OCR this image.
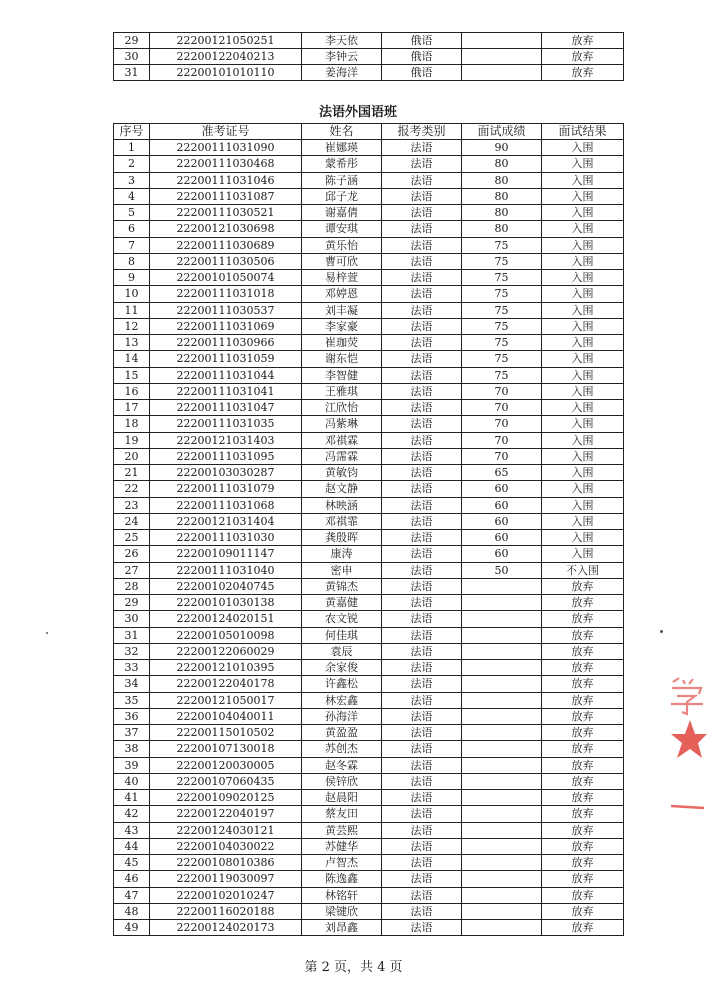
29	22200121050251	李天依	俄语		放弃
30	22200122040213	李钟云	俄语		放弃
31	22200101010110	姜海洋	俄语		放弃
法语外国语班
序号	准考证号	姓名	报考类别	面试成绩	面试结果
1	22200111031090	崔娜瑛	法语	90	入围
2	22200111030468	蒙希彤	法语	80	入围
3	22200111031046	陈子涵	法语	80	入围
4	22200111031087	邱子龙	法语	80	入围
5	22200111030521	谢嘉倩	法语	80	入围
6	22200121030698	谭安琪	法语	80	入围
7	22200111030689	黄乐怡	法语	75	入围
8	22200111030506	曹可欣	法语	75	入围
9	22200101050074	易梓萱	法语	75	入围
10	22200111031018	邓婷恩	法语	75	入围
11	22200111030537	刘丰凝	法语	75	入围
12	22200111031069	李家豪	法语	75	入围
13	22200111030966	崔珈荧	法语	75	入围
14	22200111031059	谢东恺	法语	75	入围
15	22200111031044	李智健	法语	75	入围
16	22200111031041	王雅琪	法语	70	入围
17	22200111031047	江欣怡	法语	70	入围
18	22200111031035	冯紫琳	法语	70	入围
19	22200121031403	邓祺霖	法语	70	入围
20	22200111031095	冯霈霖	法语	70	入围
21	22200103030287	黄敏钧	法语	65	入围
22	22200111031079	赵文静	法语	60	入围
23	22200111031068	林映涵	法语	60	入围
24	22200121031404	邓祺霏	法语	60	入围
25	22200111031030	龚殷晖	法语	60	入围
26	22200109011147	康涛	法语	60	入围
27	22200111031040	密申	法语	50	不入围
28	22200102040745	黄锦杰	法语		放弃
29	22200101030138	黄嘉健	法语		放弃
30	22200124020151	农文锐	法语		放弃
31	22200105010098	何佳琪	法语		放弃
32	22200122060029	袁辰	法语		放弃
33	22200121010395	余家俊	法语		放弃
34	22200122040178	许鑫松	法语		放弃
35	22200121050017	林宏鑫	法语		放弃
36	22200104040011	孙海洋	法语		放弃
37	22200115010502	黄盈盈	法语		放弃
38	22200107130018	苏创杰	法语		放弃
39	22200120030005	赵冬霖	法语		放弃
40	22200107060435	侯锌欣	法语		放弃
41	22200109020125	赵晨阳	法语		放弃
42	22200122040197	蔡友田	法语		放弃
43	22200124030121	黄芸熙	法语		放弃
44	22200104030022	苏健华	法语		放弃
45	22200108010386	卢智杰	法语		放弃
46	22200119030097	陈逸鑫	法语		放弃
47	22200102010247	林铭轩	法语		放弃
48	22200116020188	梁键欣	法语		放弃
49	22200124020173	刘昂鑫	法语		放弃
第 2 页，共 4 页
